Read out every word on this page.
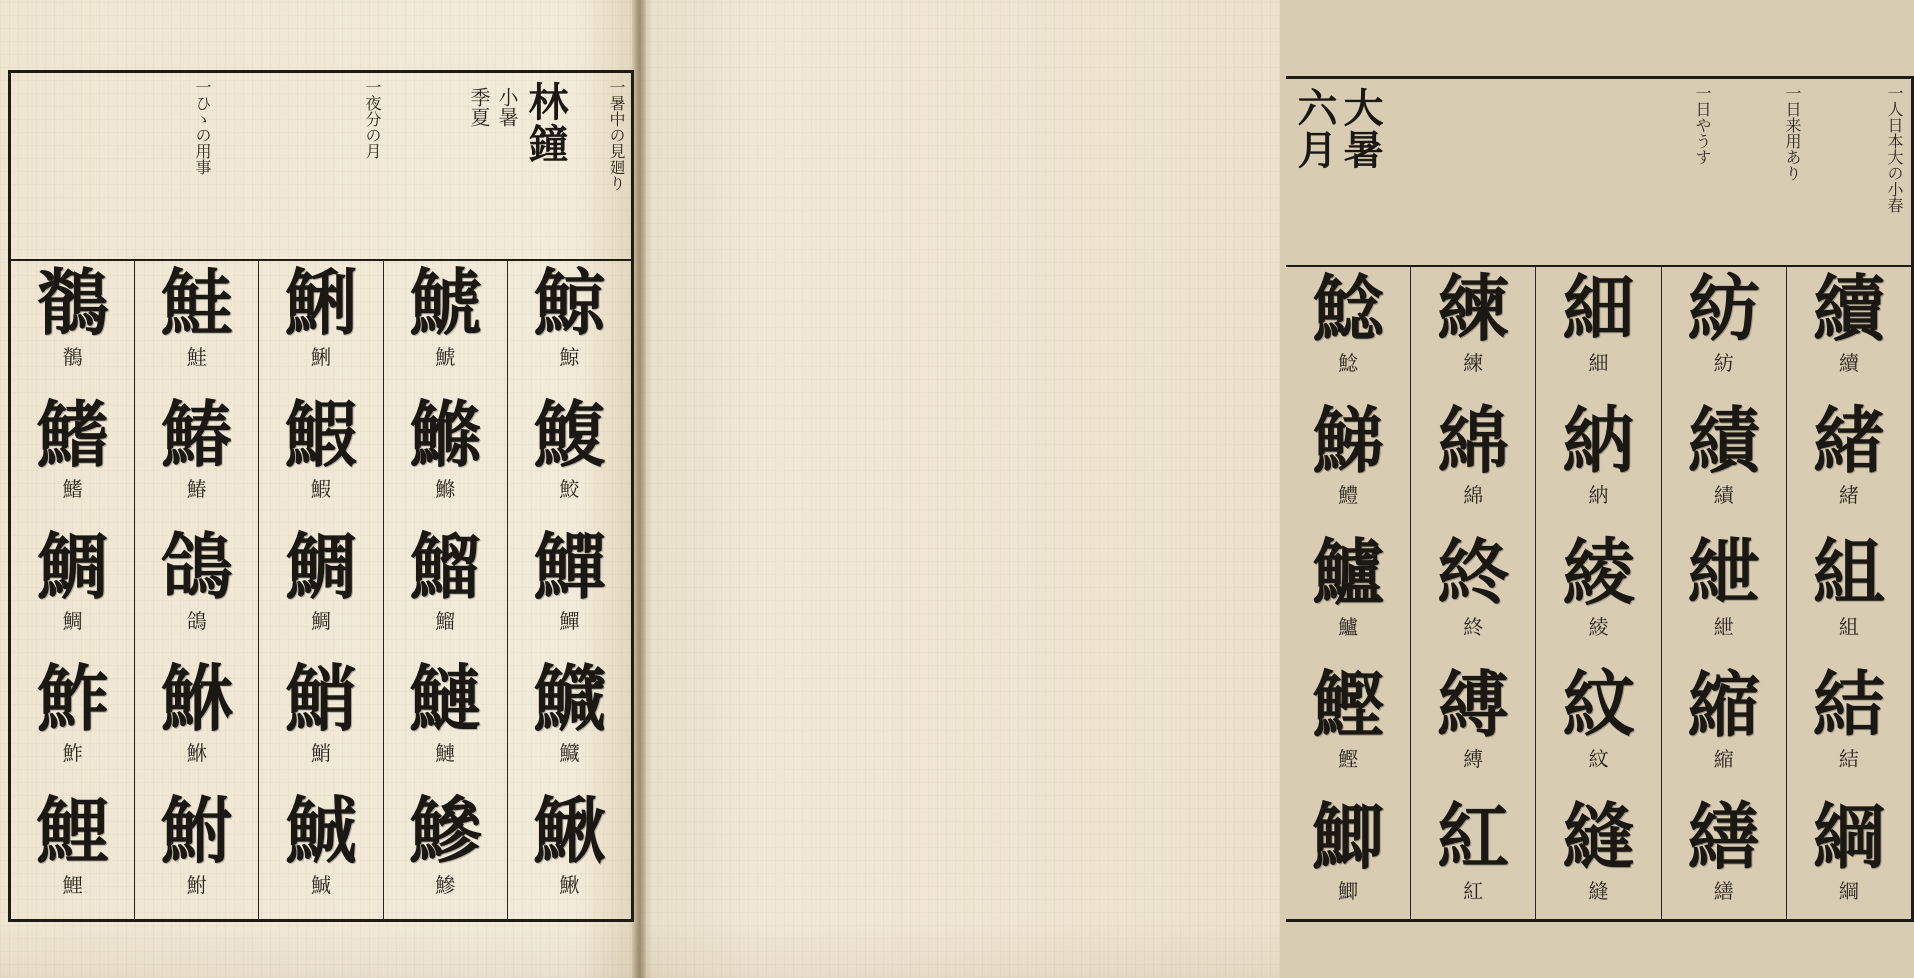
林鐘
小暑
季夏	一暑中の見廻り
一夜分の月
一ひゝの用事
鯨
鯨
鰒
鮫
鱓
鱓
鱵
鱵
鰍
鰍
鯱
鯱
鰷
鰷
鰡
鰡
鰱
鰱
鰺
鰺
鯏
鯏
鰕
鰕
鯛
鯛
鮹
鮹
鯎
鯎
鮭
鮭
鰆
鰆
鴿
鴿
鮴
鮴
鮒
鮒
鶺
鶺
鰭
鰭
鯛
鯛
鮓
鮓
鯉
鯉
大暑
六月	一人日本大の小春
一日来用あり
一日やうす
續
續
緒
緒
組
組
結
結
綱
綱
紡
紡
績
績
紲
紲
縮
縮
繕
繕
細
細
納
納
綾
綾
紋
紋
縫
縫
練
練
綿
綿
終
終
縛
縛
紅
紅
鯰
鯰
鮷
鱧
鱸
鱸
鰹
鰹
鯽
鯽
